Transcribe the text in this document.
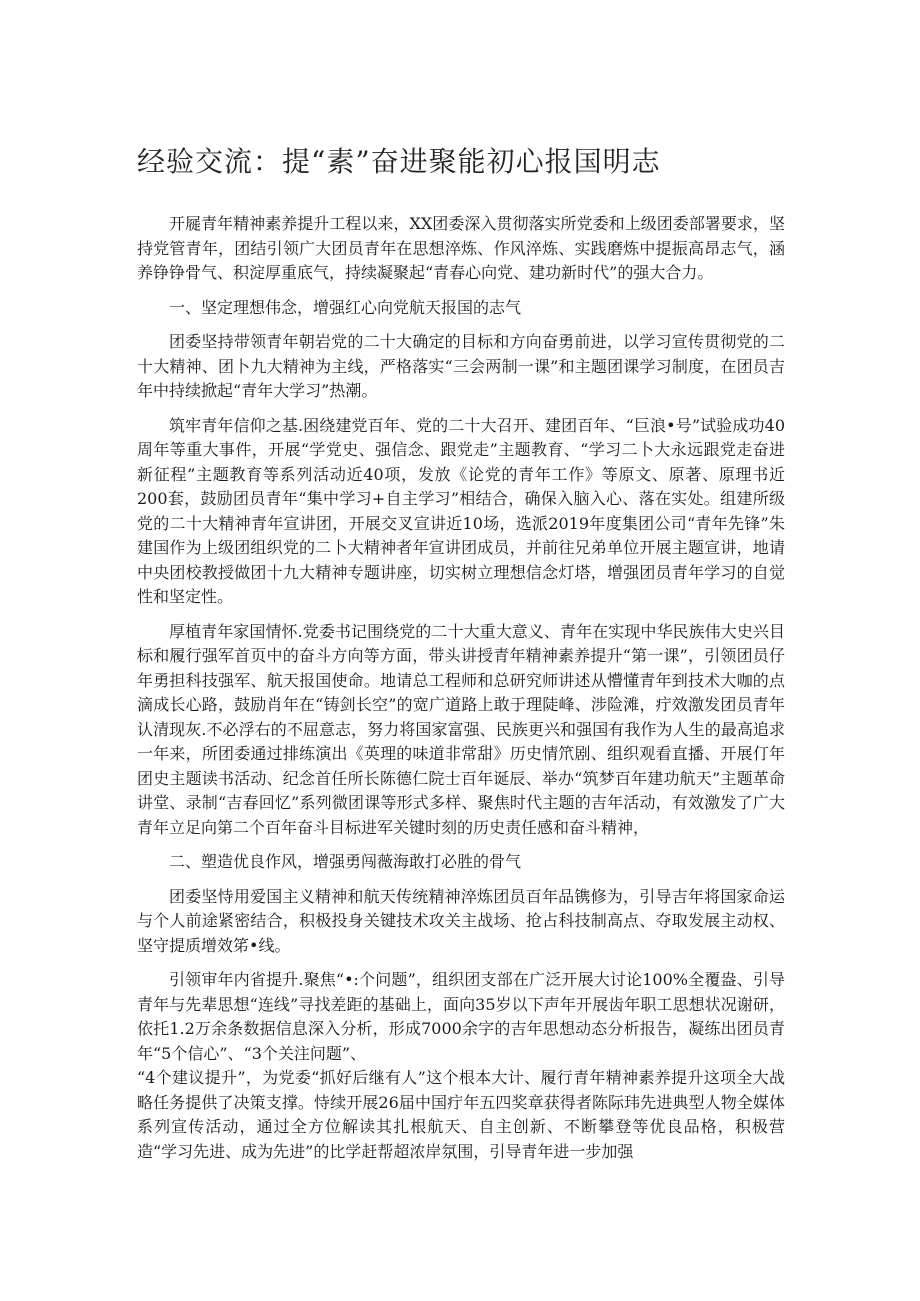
经验交流：提“素”奋进聚能初心报国明志

开屣青年精神素养提升工程以来，XX团委深入贯彻落实所党委和上级团委部署要求，坚持党管青年，团结引领广大团员青年在思想淬炼、作风淬炼、实践磨炼中提振高昂志气，涵养铮铮骨气、积淀厚重底气，持续凝聚起“青春心向党、建功新时代”的强大合力。

一、坚定理想伟念，增强红心向党航天报国的志气

团委坚持带领青年朝岩党的二十大确定的目标和方向奋勇前进，以学习宣传贯彻党的二十大精神、团卜九大精神为主线，严格落实“三会两制一课”和主题团课学习制度，在团员吉年中持续掀起“青年大学习”热潮。

筑牢青年信仰之基.困绕建党百年、党的二十大召开、建团百年、“巨浪•号”试验成功40周年等重大事件，开展“学党史、强信念、跟党走”主题教育、“学习二卜大永远跟党走奋进新征程”主题教育等系列活动近40项，发放《论党的青年工作》等原文、原著、原理书近200套，鼓励团员青年“集中学习+自主学习”相结合，确保入脑入心、落在实处。组建所级党的二十大精神青年宣讲团，开展交叉宣讲近10场，选派2019年度集团公司“青年先锋”朱建国作为上级团组织党的二卜大精神者年宣讲团成员，并前往兄弟单位开展主题宣讲，地请中央团校教授做团十九大精神专题讲座，切实树立理想信念灯塔，增强团员青年学习的自觉性和坚定性。

厚植青年家国情怀.党委书记围绕党的二十大重大意义、青年在实现中华民族伟大史兴目标和履行强军首页中的奋斗方向等方面，带头讲授青年精神素养提升“第一课”，引领团员仔年勇担科技强军、航天报国使命。地请总工程师和总研究师讲述从懵懂青年到技术大咖的点滴成长心路，鼓励肖年在“铸剑长空”的宽广道路上敢于理陡峰、涉险滩，疔效激发团员青年认清现灰.不必浮右的不屈意志，努力将国家富强、民族更兴和强国有我作为人生的最高追求一年来，所团委通过排练演出《英理的味道非常甜》历史情笊剧、组织观看直播、开展仃年团史主题读书活动、纪念首任所长陈德仁院士百年诞辰、举办“筑梦百年建功航天”主题革命讲堂、录制“吉春回忆”系列微团课等形式多样、聚焦时代主题的吉年活动，有效激发了广大青年立足向第二个百年奋斗目标进军关键时刻的历史责任感和奋斗精神，

二、塑造优良作风，增强勇闯薇海敢打必胜的骨气

团委坚恃用爱国主义精神和航天传统精神淬炼团员百年品镌修为，引导吉年将国家命运与个人前途紧密结合，积极投身关键技术攻关主战场、抢占科技制高点、夺取发展主动权、坚守提质增效笫•线。

引领审年内省提升.聚焦“•:个问题”，组织团支部在广泛开展大讨论100%全覆盎、引导青年与先辈思想“连线”寻找差距的基础上，面向35岁以下声年开展齿年职工思想状况谢研，依托1.2万余条数据信息深入分析，形成7000余字的吉年思想动态分析报告，凝练出团员青年“5个信心”、“3个关注问题”、

“4个建议提升”，为党委“抓好后继有人”这个根本大计、履行青年精神素养提升这项全大战略任务提供了决策支撑。恃续开展26届中国疔年五四奖章获得者陈际玮先进典型人物全媒体系列宣传活动，通过全方位解读其扎根航天、自主创新、不断攀登等优良品格，积极营造“学习先进、成为先进”的比学赶帮超浓岸氛围，引导青年进一步加强
